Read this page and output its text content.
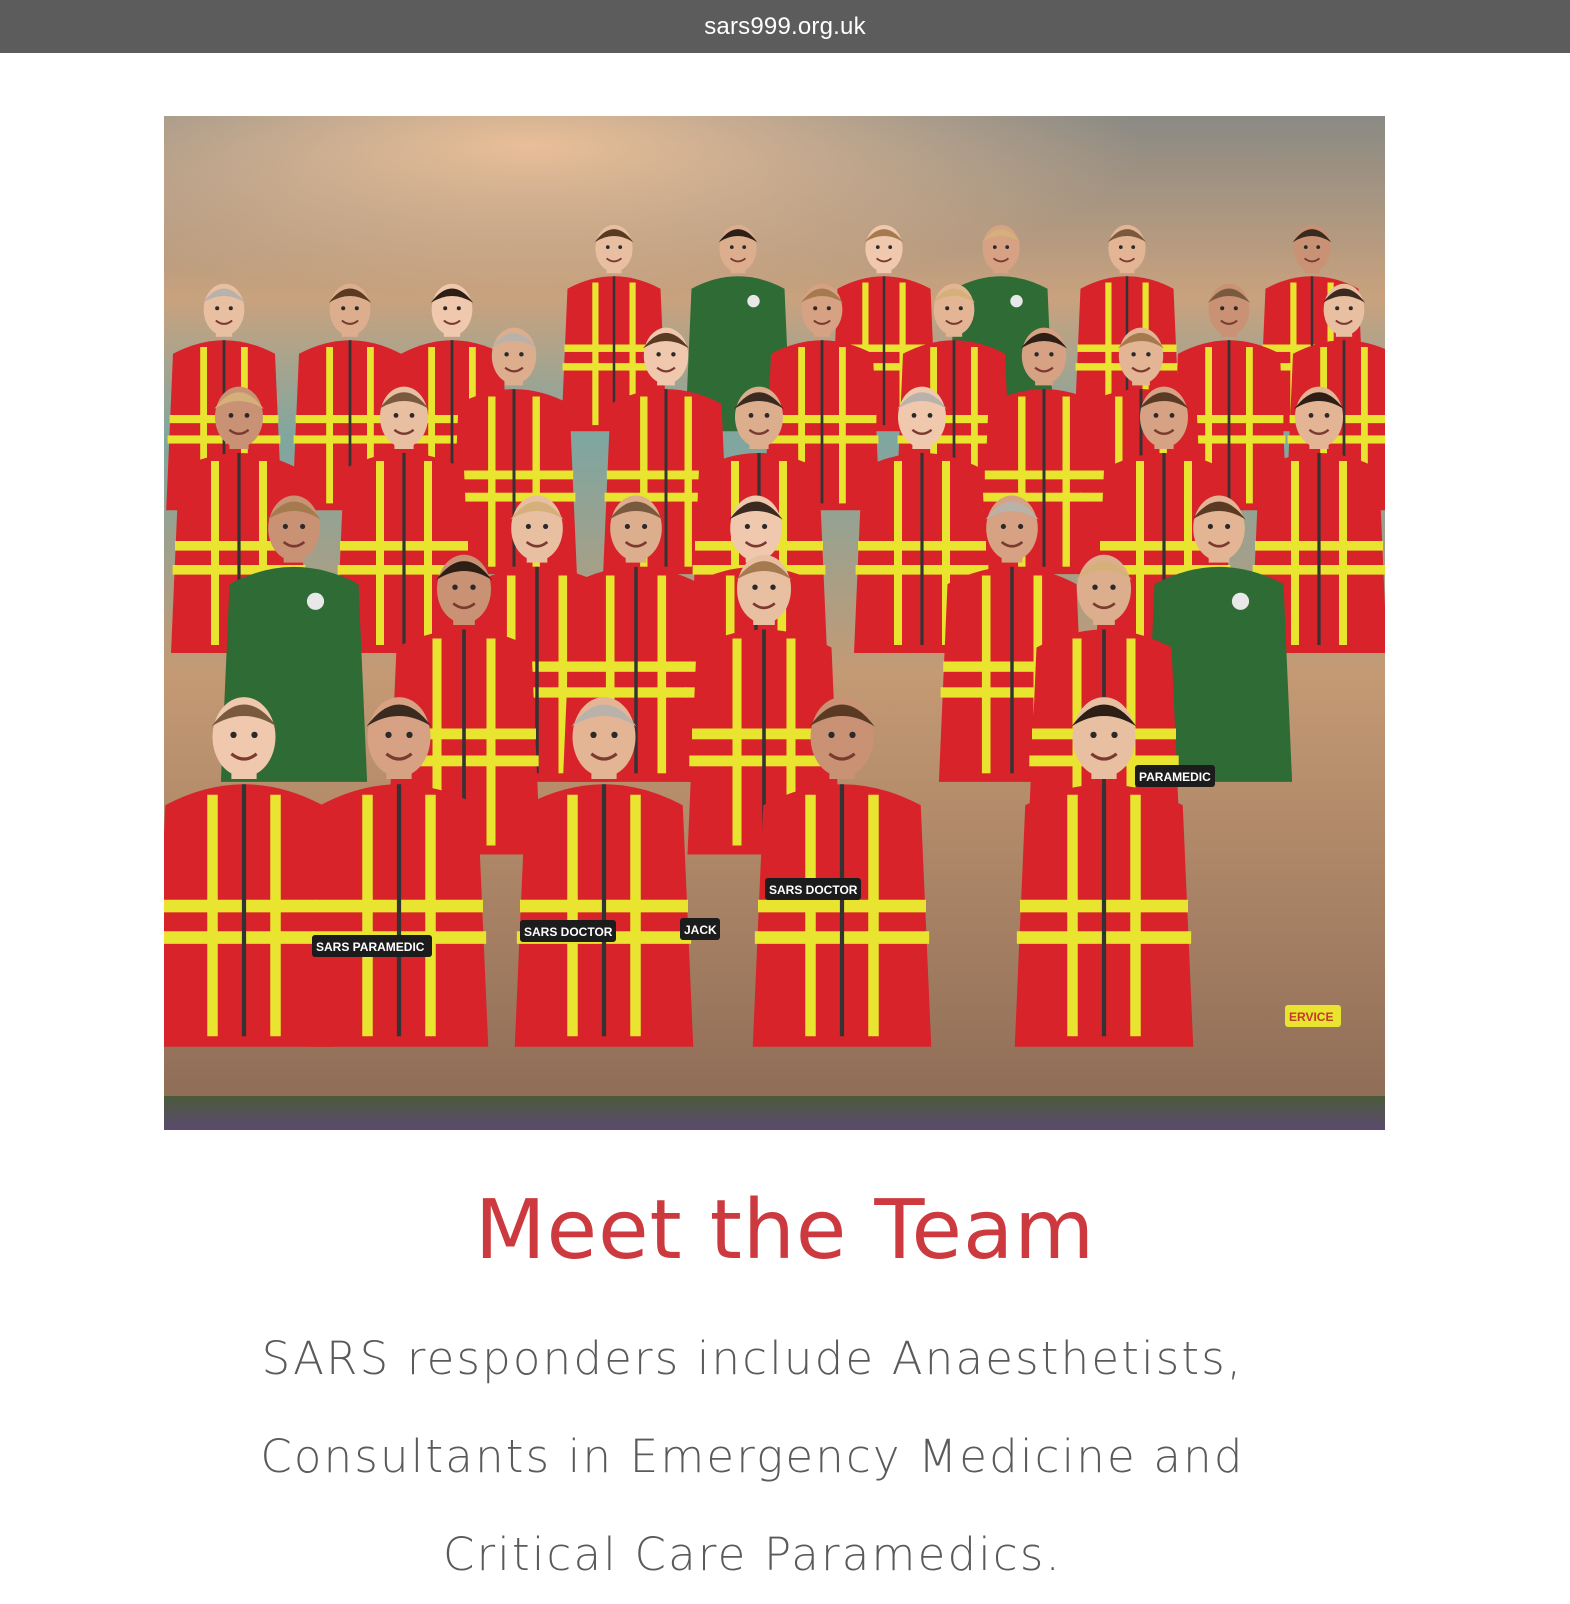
sars999.org.uk
SARS PARAMEDIC
SARS DOCTOR	JACK
PARAMEDIC
SARS DOCTOR
ERVICE
Meet the Team

SARS responders include Anaesthetists, Consultants in Emergency Medicine and Critical Care Paramedics.
